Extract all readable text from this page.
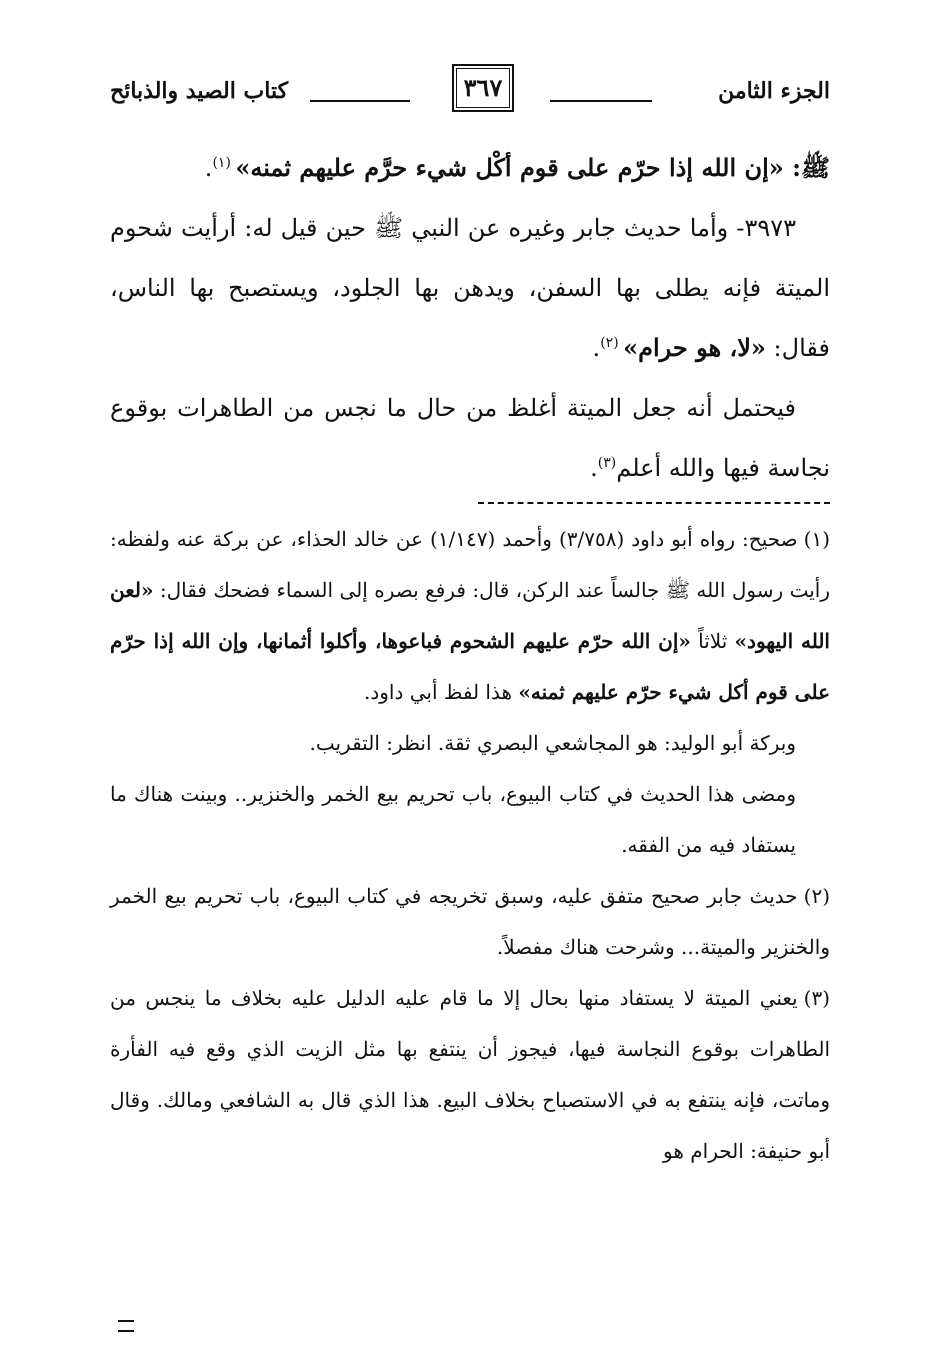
الجزء الثامن
٣٦٧
كتاب الصيد والذبائح

ﷺ: «إن الله إذا حرّم على قوم أكْل شيء حرَّم عليهم ثمنه» $^{(١)}$.

٣٩٧٣- وأما حديث جابر وغيره عن النبي ﷺ حين قيل له: أرأيت شحوم الميتة فإنه يطلى بها السفن، ويدهن بها الجلود، ويستصبح بها الناس، فقال: «لا، هو حرام» $^{(٢)}$.

فيحتمل أنه جعل الميتة أغلظ من حال ما نجس من الطاهرات بوقوع نجاسة فيها والله أعلم$^{(٣)}$.

(١)صحيح: رواه أبو داود (٣/٧٥٨) وأحمد (١/١٤٧) عن خالد الحذاء، عن بركة عنه ولفظه: رأيت رسول الله ﷺ جالساً عند الركن، قال: فرفع بصره إلى السماء فضحك فقال: «لعن الله اليهود» ثلاثاً «إن الله حرّم عليهم الشحوم فباعوها، وأكلوا أثمانها، وإن الله إذا حرّم على قوم أكل شيء حرّم عليهم ثمنه» هذا لفظ أبي داود.

وبركة أبو الوليد: هو المجاشعي البصري ثقة. انظر: التقريب.

ومضى هذا الحديث في كتاب البيوع، باب تحريم بيع الخمر والخنزير.. وبينت هناك ما يستفاد فيه من الفقه.

(٢)حديث جابر صحيح متفق عليه، وسبق تخريجه في كتاب البيوع، باب تحريم بيع الخمر والخنزير والميتة... وشرحت هناك مفصلاً.

(٣)يعني الميتة لا يستفاد منها بحال إلا ما قام عليه الدليل عليه بخلاف ما ينجس من الطاهرات بوقوع النجاسة فيها، فيجوز أن ينتفع بها مثل الزيت الذي وقع فيه الفأرة وماتت، فإنه ينتفع به في الاستصباح بخلاف البيع. هذا الذي قال به الشافعي ومالك. وقال أبو حنيفة: الحرام هو
